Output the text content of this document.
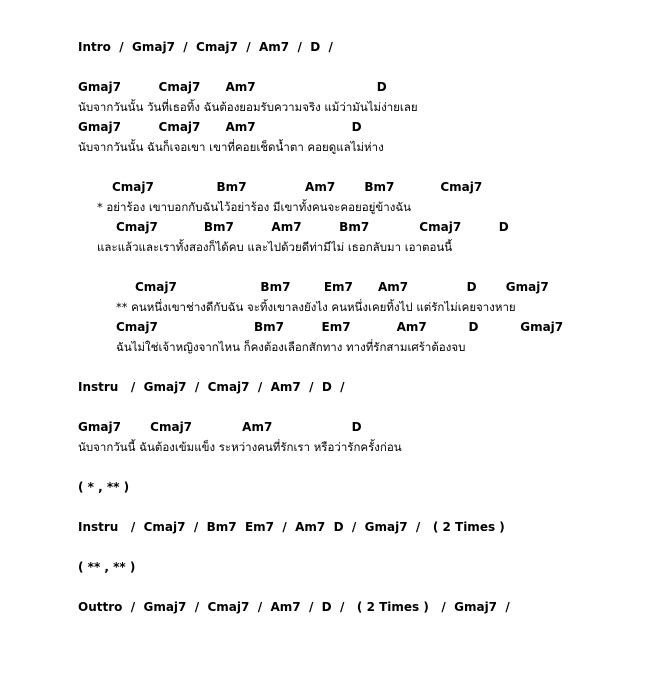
Intro  /  Gmaj7  /  Cmaj7  /  Am7  /  D  /
Gmaj7         Cmaj7      Am7                             D
นับจากวันนั้น วันที่เธอทิ้ง ฉันต้องยอมรับความจริง แม้ว่ามันไม่ง่ายเลย
Gmaj7         Cmaj7      Am7                       D
นับจากวันนั้น ฉันก็เจอเขา เขาที่คอยเช็ดน้ำตา คอยดูแลไม่ห่าง
Cmaj7               Bm7              Am7       Bm7           Cmaj7
* อย่าร้อง เขาบอกกับฉันไว้อย่าร้อง มีเขาทั้งคนจะคอยอยู่ข้างฉัน
Cmaj7           Bm7         Am7         Bm7            Cmaj7         D
และแล้วและเราทั้งสองก็ได้คบ และไปด้วยดีท่ามีไม่ เธอกลับมา เอาตอนนี้
Cmaj7                    Bm7        Em7      Am7              D       Gmaj7
** คนหนึ่งเขาช่างดีกับฉัน จะทิ้งเขาลงยังไง คนหนึ่งเคยทิ้งไป แต่รักไม่เคยจางหาย
Cmaj7                       Bm7         Em7           Am7          D          Gmaj7
ฉันไม่ใช่เจ้าหญิงจากไหน ก็คงต้องเลือกสักทาง ทางที่รักสามเศร้าต้องจบ
Instru   /  Gmaj7  /  Cmaj7  /  Am7  /  D  /
Gmaj7       Cmaj7            Am7                   D
นับจากวันนี้ ฉันต้องเข้มแข็ง ระหว่างคนที่รักเรา หรือว่ารักครั้งก่อน
( * , ** )
Instru   /  Cmaj7  /  Bm7  Em7  /  Am7  D  /  Gmaj7  /   ( 2 Times )
( ** , ** )
Outtro  /  Gmaj7  /  Cmaj7  /  Am7  /  D  /   ( 2 Times )   /  Gmaj7  /
